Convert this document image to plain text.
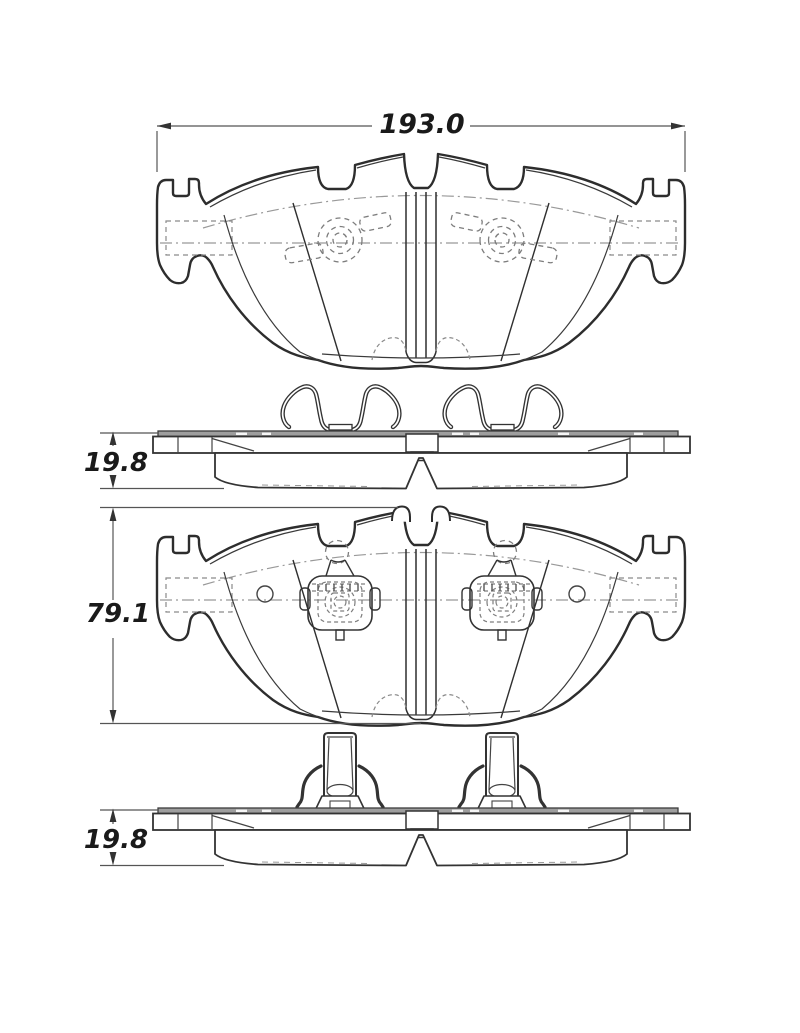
193.0
19.8
79.1
19.8
